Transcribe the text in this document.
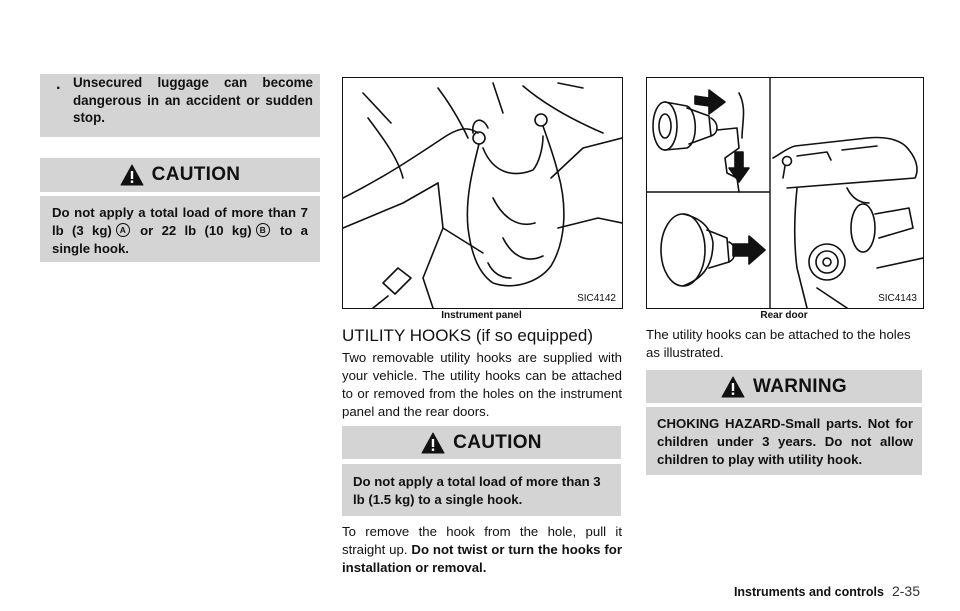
. Unsecured luggage can become dangerous in an accident or sudden stop.
CAUTION
Do not apply a total load of more than 7 lb (3 kg) A or 22 lb (10 kg) B to a single hook.
SIC4142
Instrument panel
UTILITY HOOKS (if so equipped)
Two removable utility hooks are supplied with your vehicle. The utility hooks can be attached to or removed from the holes on the instrument panel and the rear doors.
CAUTION
Do not apply a total load of more than 3 lb (1.5 kg) to a single hook.
To remove the hook from the hole, pull it straight up. Do not twist or turn the hooks for installation or removal.
SIC4143
Rear door
The utility hooks can be attached to the holes as illustrated.
WARNING
CHOKING HAZARD-Small parts. Not for children under 3 years. Do not allow children to play with utility hook.
Instruments and controls 2-35
